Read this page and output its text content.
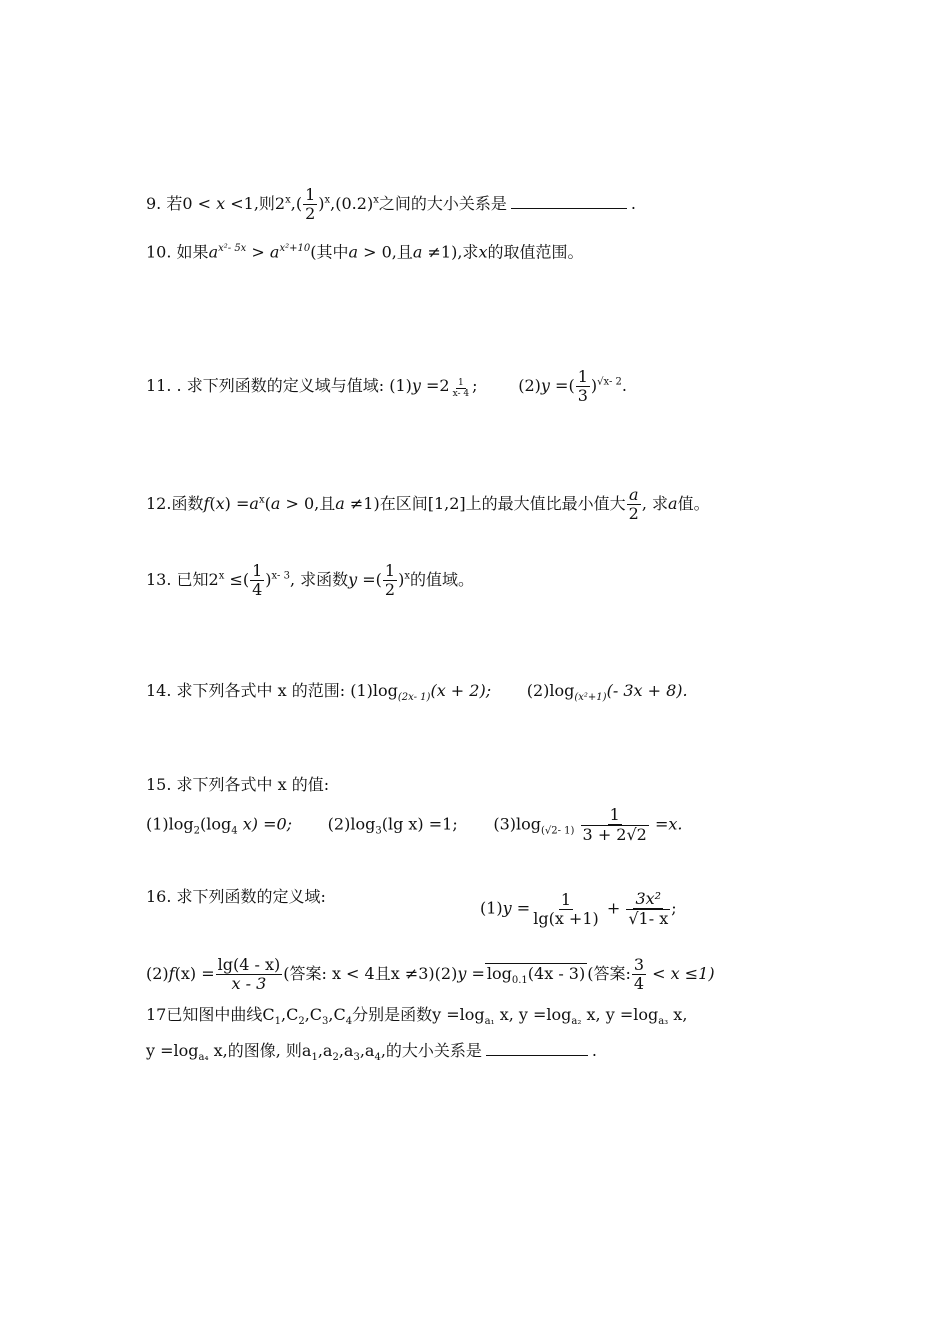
9. 若0 < x <1,则$2^x,( \frac{1}{2} )^x,(0.2)^x$之间的大小关系是	.
10. 如果$a^{x^2- 5x} > a^{x^2+10}$(其中a > 0,且a ≠1),求x的取值范围。
11. . 求下列函数的定义域与值域: $(1)y =2 \frac{1}{x- 4}$ ;	(2)y =( $\frac{1}{3} )^{√x- 2}$.
12.函数$f(x) =a^x(a > 0$,且a ≠1)在区间[1,2]上的最大值比最小值大 $\frac{a}{2}$ , 求a值。
13. 已知$2^x$ ≤( $\frac{1}{4} )^{x- 3}$, 求函数y =( $\frac{1}{2} )^x$的值域。
14. 求下列各式中 x 的范围: $(1)\log_{(2x- 1)}(x + 2)$; $(2)\log_{(x^2+1)}(-$ 3x + 8).
15. 求下列各式中 x 的值:
$(1)\log_2(\log_4$ x) =0; $(2)\log_3(\lg$ x) =1; $(3)\log_{(√2- 1)} \frac{1}{3 + 2√2} =x$.
16. 求下列函数的定义域:
$(1)y = \frac{1}{\lg(x +1)} + \frac{\text{3x²}}{√1- x}$ ;
$(2)f(x) = \frac{\lg(4 - x)}{x - 3}$ (答案: x < 4且$x \ne 3)(2)y = \log_{0.1}(4x - 3)$ (答案: $\frac{3}{4} < x \le 1$)
17已知图中曲线$C_1,C_2,C_3,C_4$分别是函数$y =\log_{a_1}$ x, $y =\log_{a_2}$ x, $y =\log_{a_3}$ x,
$y =\log_{a_4}$ x,的图像, 则$a_1,a_2,a_3,a_4$,的大小关系是	.
